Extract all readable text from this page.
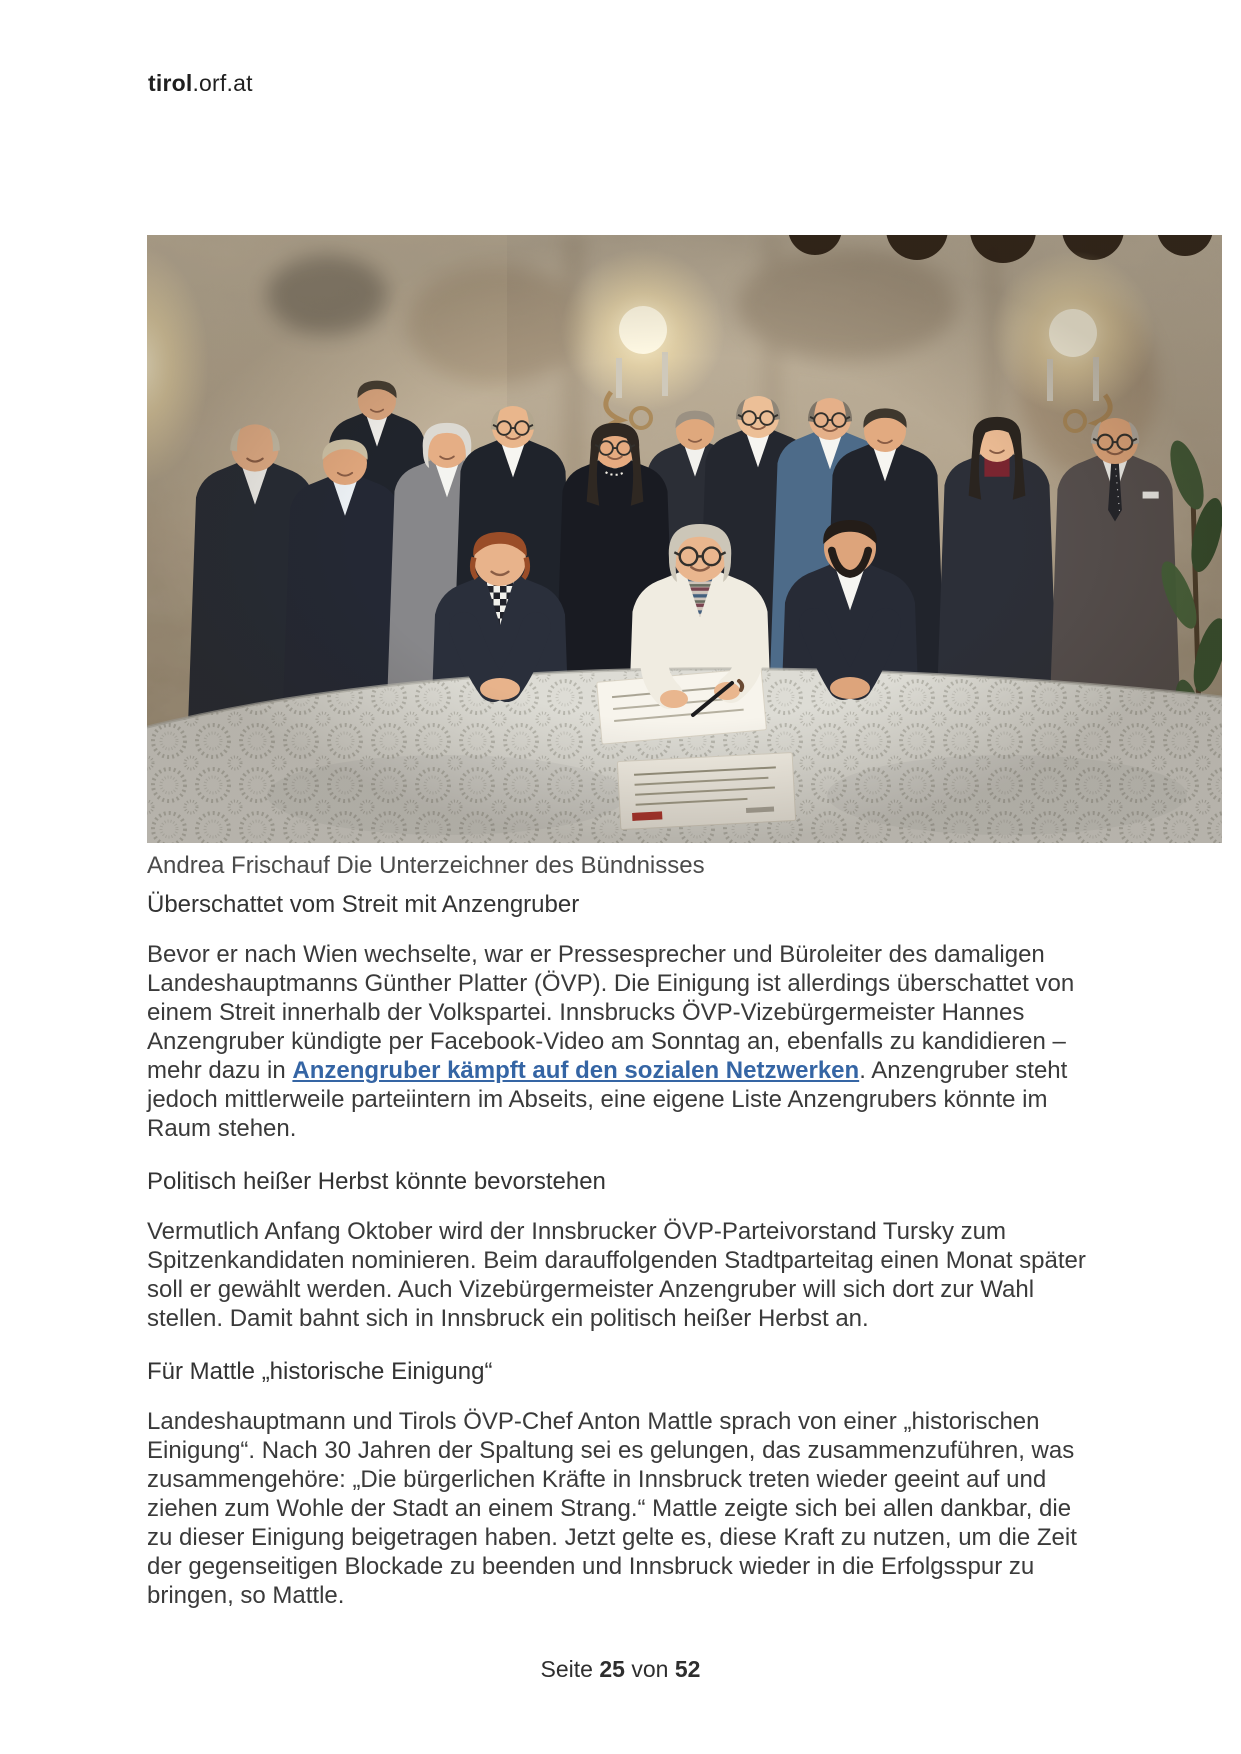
tirol.orf.at
Andrea Frischauf Die Unterzeichner des Bündnisses
Überschattet vom Streit mit Anzengruber

Bevor er nach Wien wechselte, war er Pressesprecher und Büroleiter des damaligen Landeshauptmanns Günther Platter (ÖVP). Die Einigung ist allerdings überschattet von einem Streit innerhalb der Volkspartei. Innsbrucks ÖVP-Vizebürgermeister Hannes Anzengruber kündigte per Facebook-Video am Sonntag an, ebenfalls zu kandidieren – mehr dazu in Anzengruber kämpft auf den sozialen Netzwerken. Anzengruber steht jedoch mittlerweile parteiintern im Abseits, eine eigene Liste Anzengrubers könnte im Raum stehen.

Politisch heißer Herbst könnte bevorstehen

Vermutlich Anfang Oktober wird der Innsbrucker ÖVP-Parteivorstand Tursky zum Spitzenkandidaten nominieren. Beim darauffolgenden Stadtparteitag einen Monat später soll er gewählt werden. Auch Vizebürgermeister Anzengruber will sich dort zur Wahl stellen. Damit bahnt sich in Innsbruck ein politisch heißer Herbst an.

Für Mattle „historische Einigung“

Landeshauptmann und Tirols ÖVP-Chef Anton Mattle sprach von einer „historischen Einigung“. Nach 30 Jahren der Spaltung sei es gelungen, das zusammenzuführen, was zusammengehöre: „Die bürgerlichen Kräfte in Innsbruck treten wieder geeint auf und ziehen zum Wohle der Stadt an einem Strang.“ Mattle zeigte sich bei allen dankbar, die zu dieser Einigung beigetragen haben. Jetzt gelte es, diese Kraft zu nutzen, um die Zeit der gegenseitigen Blockade zu beenden und Innsbruck wieder in die Erfolgsspur zu bringen, so Mattle.

Seite 25 von 52
